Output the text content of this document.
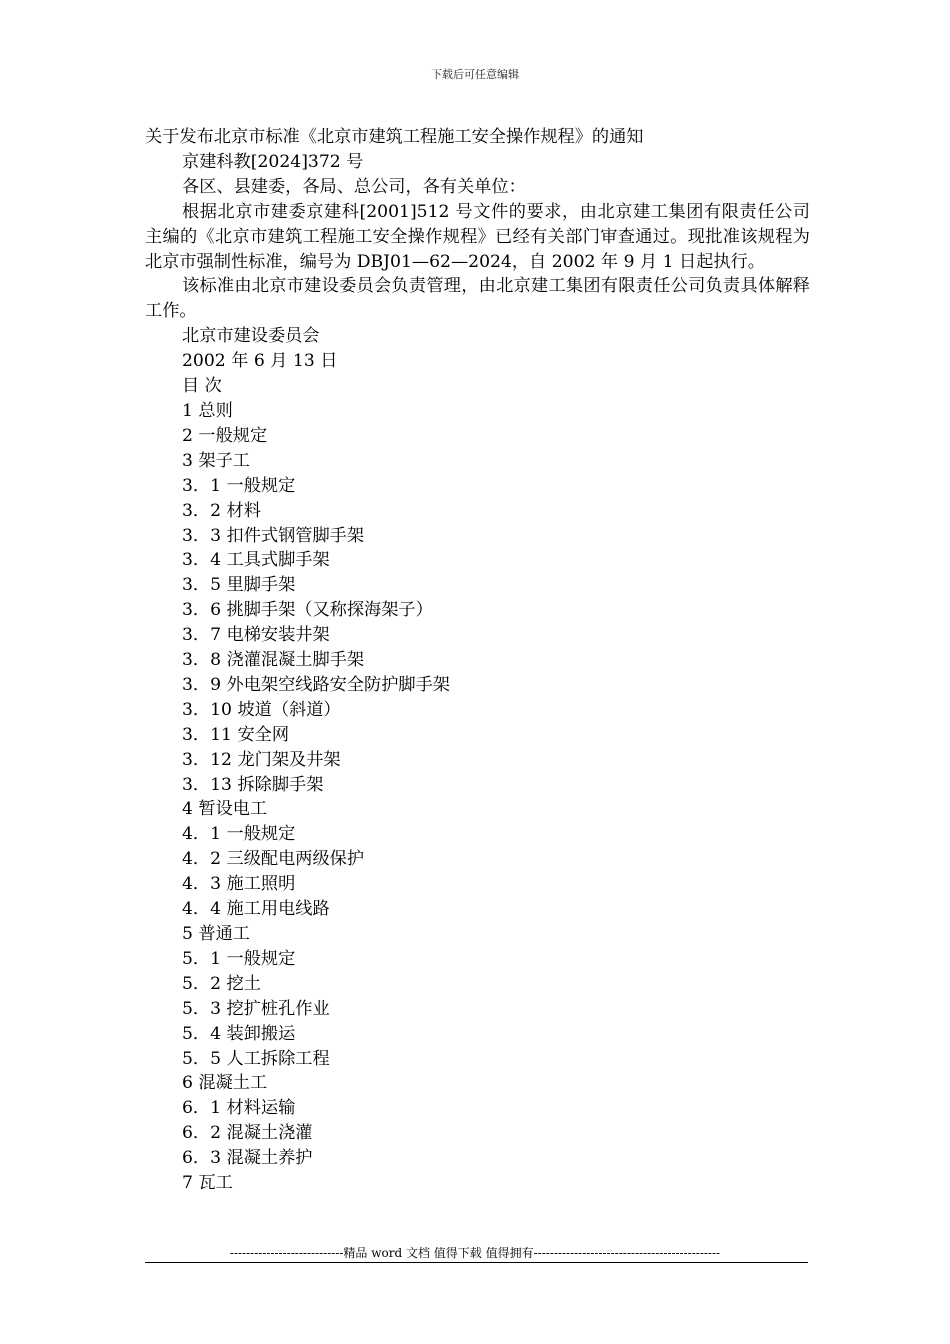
下载后可任意编辑

关于发布北京市标准《北京市建筑工程施工安全操作规程》的通知

京建科教[2024]372 号

各区、县建委，各局、总公司，各有关单位：

根据北京市建委京建科[2001]512 号文件的要求，由北京建工集团有限责任公司主编的《北京市建筑工程施工安全操作规程》已经有关部门审查通过。现批准该规程为北京市强制性标准，编号为 DBJ01—62—2024，自 2002 年 9 月 1 日起执行。

该标准由北京市建设委员会负责管理，由北京建工集团有限责任公司负责具体解释工作。

北京市建设委员会

2002 年 6 月 13 日

目 次

1 总则

2 一般规定

3 架子工

3．1 一般规定

3．2 材料

3．3 扣件式钢管脚手架

3．4 工具式脚手架

3．5 里脚手架

3．6 挑脚手架（又称探海架子）

3．7 电梯安装井架

3．8 浇灌混凝土脚手架

3．9 外电架空线路安全防护脚手架

3．10 坡道（斜道）

3．11 安全网

3．12 龙门架及井架

3．13 拆除脚手架

4 暂设电工

4．1 一般规定

4．2 三级配电两级保护

4．3 施工照明

4．4 施工用电线路

5 普通工

5．1 一般规定

5．2 挖土

5．3 挖扩桩孔作业

5．4 装卸搬运

5．5 人工拆除工程

6 混凝土工

6．1 材料运输

6．2 混凝土浇灌

6．3 混凝土养护

7 瓦工

----------------------------精品 word 文档 值得下载 值得拥有----------------------------------------------
